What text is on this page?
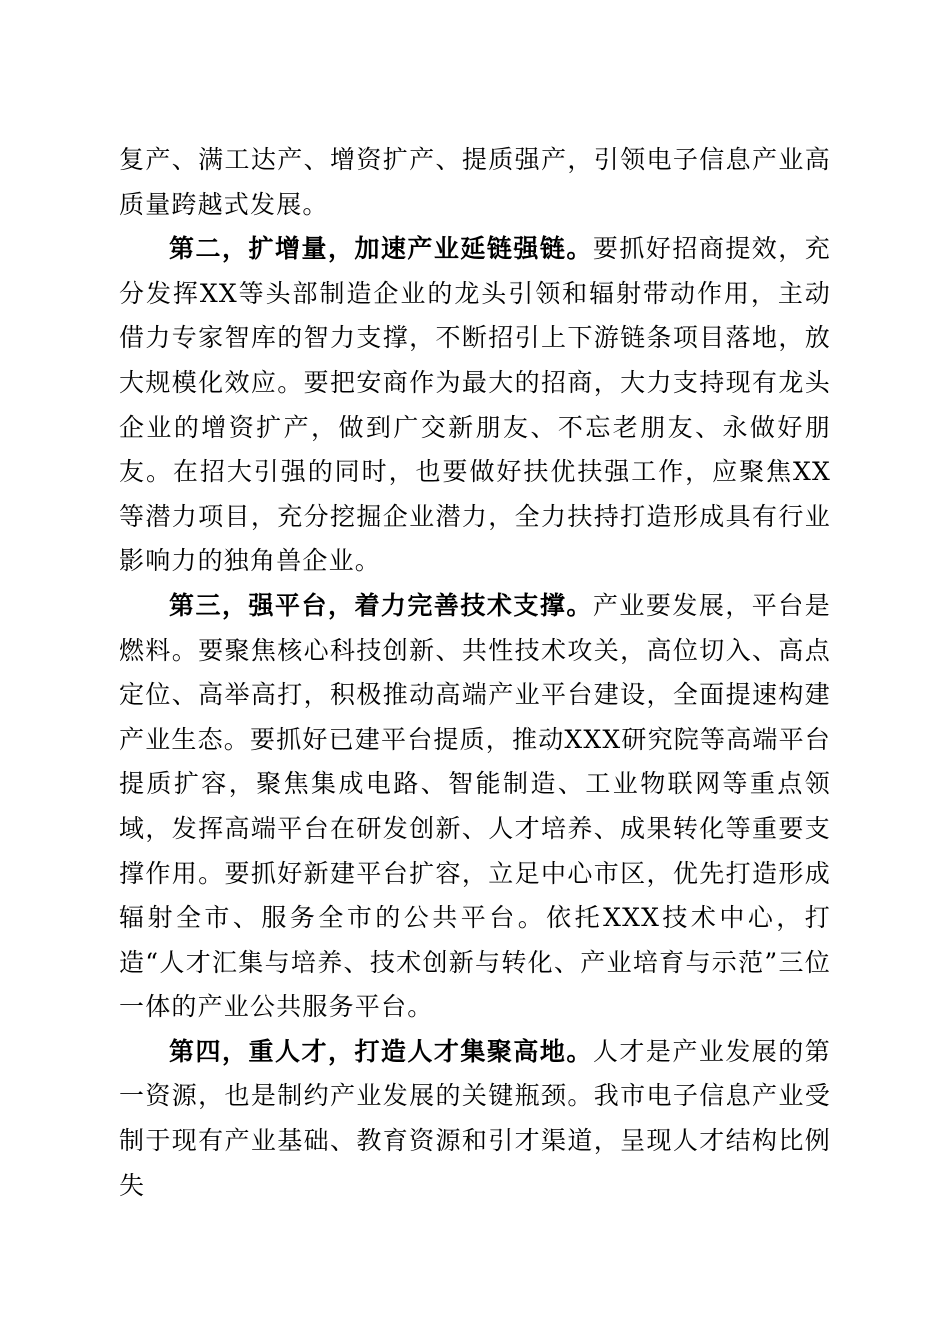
复产、满工达产、增资扩产、提质强产，引领电子信息产业高质量跨越式发展。

第二，扩增量，加速产业延链强链。要抓好招商提效，充分发挥XX等头部制造企业的龙头引领和辐射带动作用，主动借力专家智库的智力支撑，不断招引上下游链条项目落地，放大规模化效应。要把安商作为最大的招商，大力支持现有龙头企业的增资扩产，做到广交新朋友、不忘老朋友、永做好朋友。在招大引强的同时，也要做好扶优扶强工作，应聚焦XX等潜力项目，充分挖掘企业潜力，全力扶持打造形成具有行业影响力的独角兽企业。

第三，强平台，着力完善技术支撑。产业要发展，平台是燃料。要聚焦核心科技创新、共性技术攻关，高位切入、高点定位、高举高打，积极推动高端产业平台建设，全面提速构建产业生态。要抓好已建平台提质，推动XXX研究院等高端平台提质扩容，聚焦集成电路、智能制造、工业物联网等重点领域，发挥高端平台在研发创新、人才培养、成果转化等重要支撑作用。要抓好新建平台扩容，立足中心市区，优先打造形成辐射全市、服务全市的公共平台。依托XXX技术中心，打造“人才汇集与培养、技术创新与转化、产业培育与示范”三位一体的产业公共服务平台。

第四，重人才，打造人才集聚高地。人才是产业发展的第一资源，也是制约产业发展的关键瓶颈。我市电子信息产业受制于现有产业基础、教育资源和引才渠道，呈现人才结构比例失
